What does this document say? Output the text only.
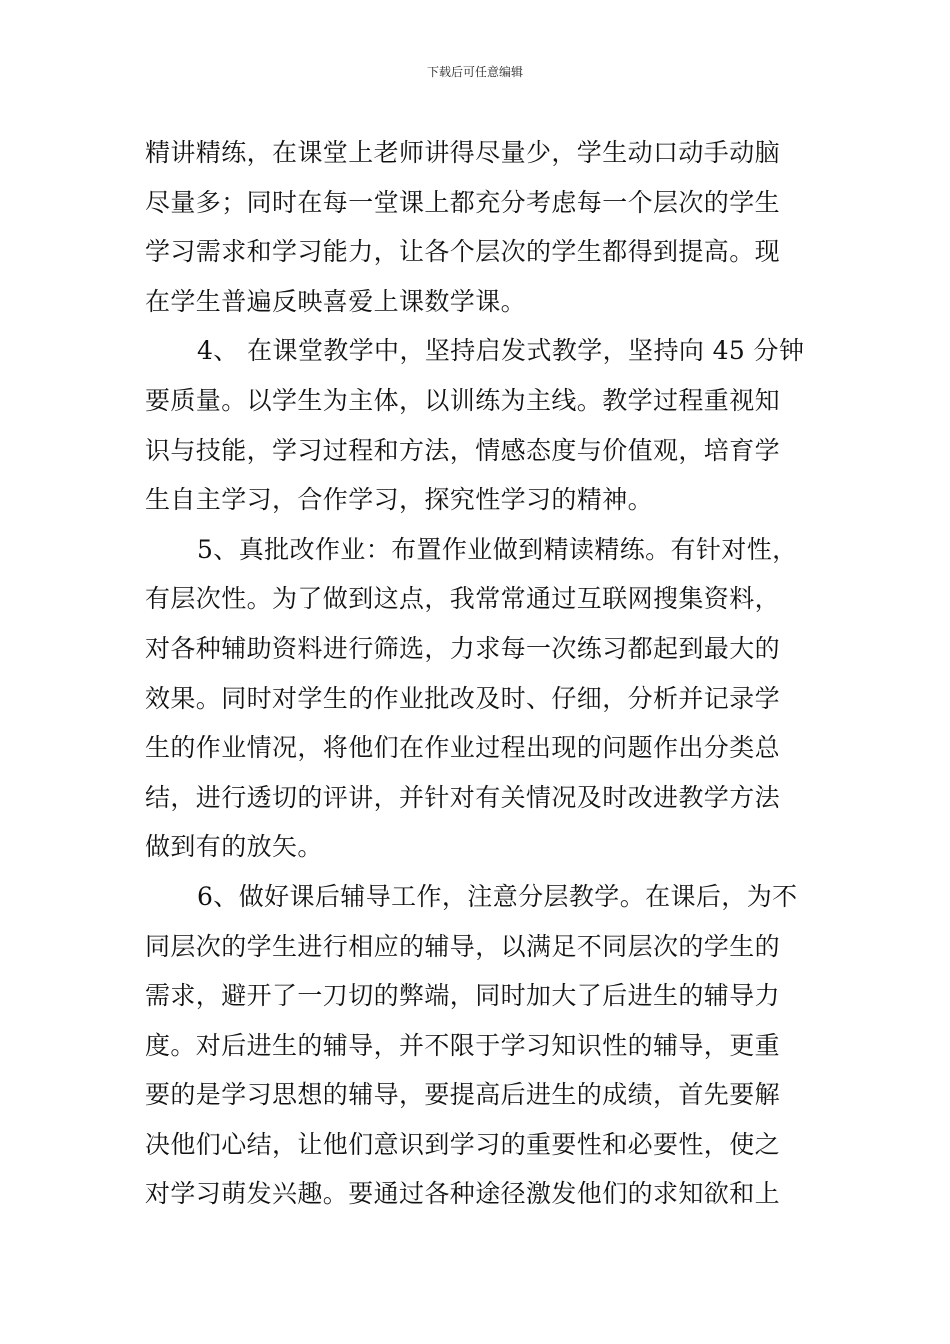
下载后可任意编辑
精讲精练，在课堂上老师讲得尽量少，学生动口动手动脑
尽量多；同时在每一堂课上都充分考虑每一个层次的学生
学习需求和学习能力，让各个层次的学生都得到提高。现
在学生普遍反映喜爱上课数学课。
4、 在课堂教学中，坚持启发式教学，坚持向 45 分钟
要质量。以学生为主体，以训练为主线。教学过程重视知
识与技能，学习过程和方法，情感态度与价值观，培育学
生自主学习，合作学习，探究性学习的精神。
5、真批改作业：布置作业做到精读精练。有针对性，
有层次性。为了做到这点，我常常通过互联网搜集资料，
对各种辅助资料进行筛选，力求每一次练习都起到最大的
效果。同时对学生的作业批改及时、仔细，分析并记录学
生的作业情况，将他们在作业过程出现的问题作出分类总
结，进行透切的评讲，并针对有关情况及时改进教学方法
做到有的放矢。
6、做好课后辅导工作，注意分层教学。在课后，为不
同层次的学生进行相应的辅导，以满足不同层次的学生的
需求，避开了一刀切的弊端，同时加大了后进生的辅导力
度。对后进生的辅导，并不限于学习知识性的辅导，更重
要的是学习思想的辅导，要提高后进生的成绩，首先要解
决他们心结，让他们意识到学习的重要性和必要性，使之
对学习萌发兴趣。要通过各种途径激发他们的求知欲和上
